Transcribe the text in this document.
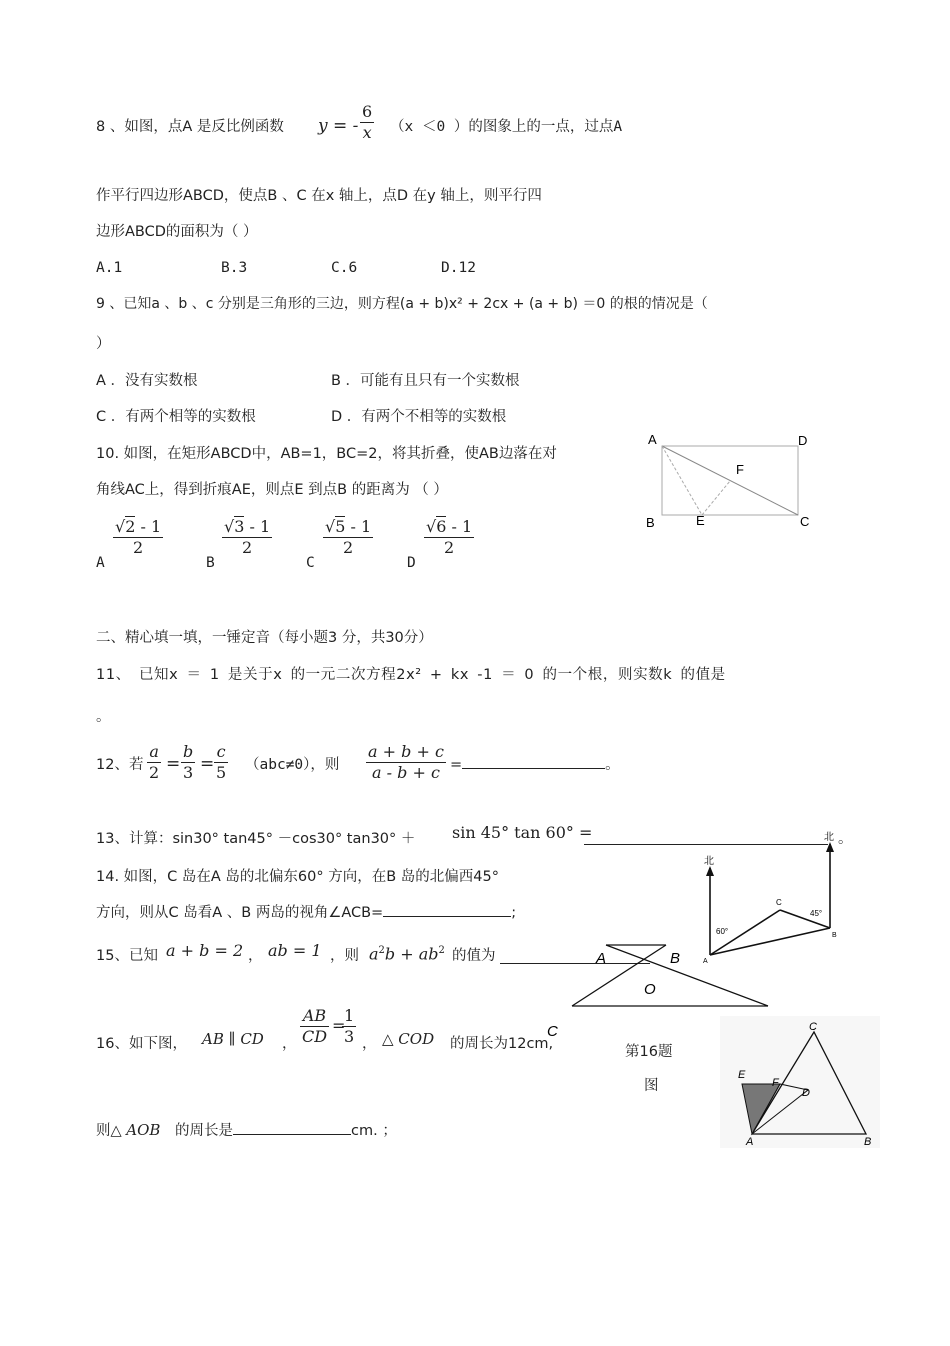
8 、如图，点A 是反比例函数 y = - $\frac{6}{x} (x <0$ ）的图象上的一点，过点A
作平行四边形ABCD，使点B 、C 在x 轴上，点D 在y 轴上，则平行四
边形ABCD的面积为（ ）
A.1	B.3	C.6	D.12
9 、已知a 、b 、c 分别是三角形的三边，则方程(a + b)x² + 2cx + (a + b) ＝0 的根的情况是（
）
A ．没有实数根	B ．可能有且只有一个实数根
C ．有两个相等的实数根	D ．有两个不相等的实数根
10. 如图，在矩形ABCD中，AB=1，BC=2，将其折叠，使AB边落在对
角线AC上，得到折痕AE，则点E 到点B 的距离为 （ ）
A
$\frac{√2 - 1}{2}$
B
$\frac{√3 - 1}{2}$
C
$\frac{√5 - 1}{2}$
D
$\frac{√6 - 1}{2}$
A	D
B	C
E
F
二、精心填一填，一锤定音（每小题3 分，共30分）
11、 已知x ＝ 1 是关于x 的一元二次方程2x² + kx -1 ＝ 0 的一个根，则实数k 的值是
。
12、若 $\frac{a}{2} = \frac{b}{3} = \frac{c}{5} (abc\ne 0)$，则 $\frac{a + b + c}{a - b + c}$ =	。
13、计算：sin30° tan45° －cos30° tan30° ＋ sin 45° tan 60° =	。
14. 如图，C 岛在A 岛的北偏东60° 方向，在B 岛的北偏西45°
方向，则从C 岛看A 、B 两岛的视角∠ACB=	;
北
北
60°
45°
C
A
B
15、已知 a + b = 2 ， ab = 1 ，则 $a^2b + ab^2$ 的值为	A	B
O
C
16、如下图， AB ∥ CD ， $\frac{AB}{CD}$ =
$\frac{1}{3}$ ， △ COD 的周长为12cm,	第16题
图
则△ AOB 的周长是	cm. ；
C
A	B
E
F
D
